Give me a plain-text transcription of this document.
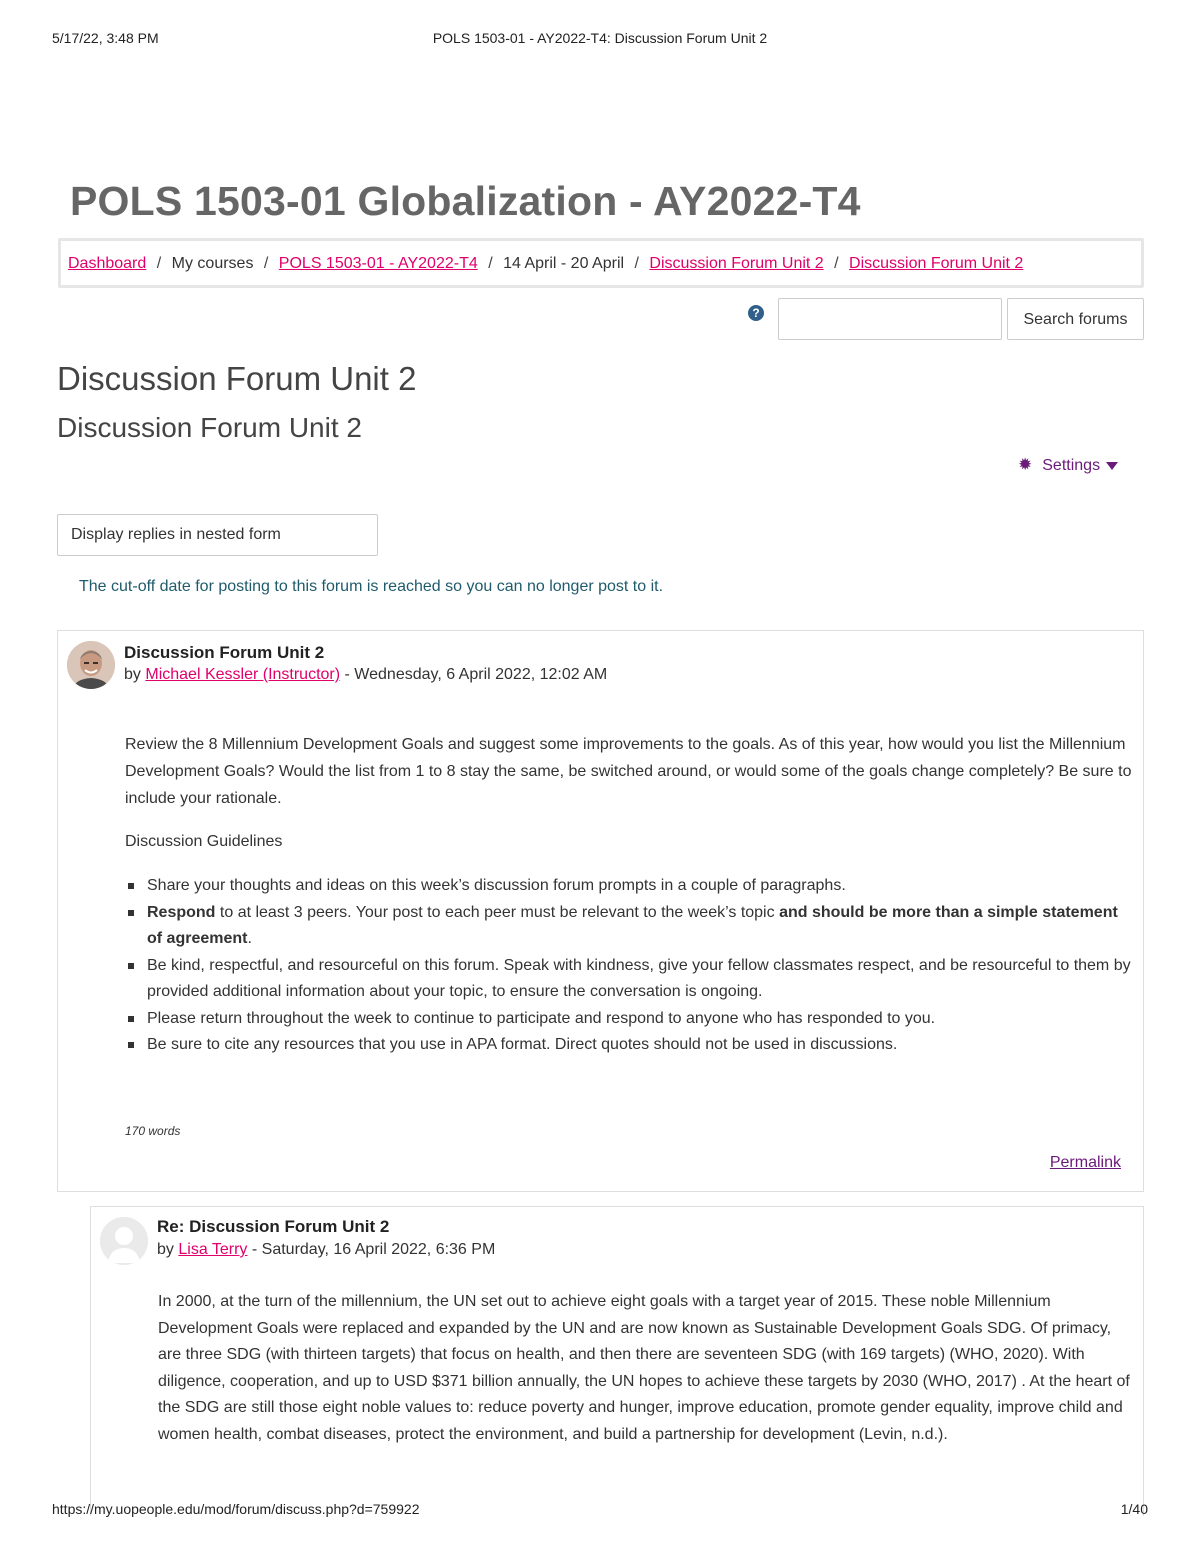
5/17/22, 3:48 PM	POLS 1503-01 - AY2022-T4: Discussion Forum Unit 2
POLS 1503-01 Globalization - AY2022-T4
Dashboard / My courses / POLS 1503-01 - AY2022-T4 / 14 April - 20 April / Discussion Forum Unit 2 / Discussion Forum Unit 2
?	Search forums
Discussion Forum Unit 2
Discussion Forum Unit 2
✹ Settings
Display replies in nested form
The cut-off date for posting to this forum is reached so you can no longer post to it.
Discussion Forum Unit 2
by Michael Kessler (Instructor) - Wednesday, 6 April 2022, 12:02 AM

Review the 8 Millennium Development Goals and suggest some improvements to the goals. As of this year, how would you list the Millennium Development Goals? Would the list from 1 to 8 stay the same, be switched around, or would some of the goals change completely? Be sure to include your rationale.

Discussion Guidelines

Share your thoughts and ideas on this week’s discussion forum prompts in a couple of paragraphs.
Respond to at least 3 peers. Your post to each peer must be relevant to the week’s topic and should be more than a simple statement of agreement.
Be kind, respectful, and resourceful on this forum. Speak with kindness, give your fellow classmates respect, and be resourceful to them by provided additional information about your topic, to ensure the conversation is ongoing.
Please return throughout the week to continue to participate and respond to anyone who has responded to you.
Be sure to cite any resources that you use in APA format. Direct quotes should not be used in discussions.
170 words
Permalink
Re: Discussion Forum Unit 2
by Lisa Terry - Saturday, 16 April 2022, 6:36 PM

In 2000, at the turn of the millennium, the UN set out to achieve eight goals with a target year of 2015. These noble Millennium Development Goals were replaced and expanded by the UN and are now known as Sustainable Development Goals SDG. Of primacy, are three SDG (with thirteen targets) that focus on health, and then there are seventeen SDG (with 169 targets) (WHO, 2020). With diligence, cooperation, and up to USD $371 billion annually, the UN hopes to achieve these targets by 2030 (WHO, 2017) . At the heart of the SDG are still those eight noble values to: reduce poverty and hunger, improve education, promote gender equality, improve child and women health, combat diseases, protect the environment, and build a partnership for development (Levin, n.d.).

https://my.uopeople.edu/mod/forum/discuss.php?d=759922	1/40
